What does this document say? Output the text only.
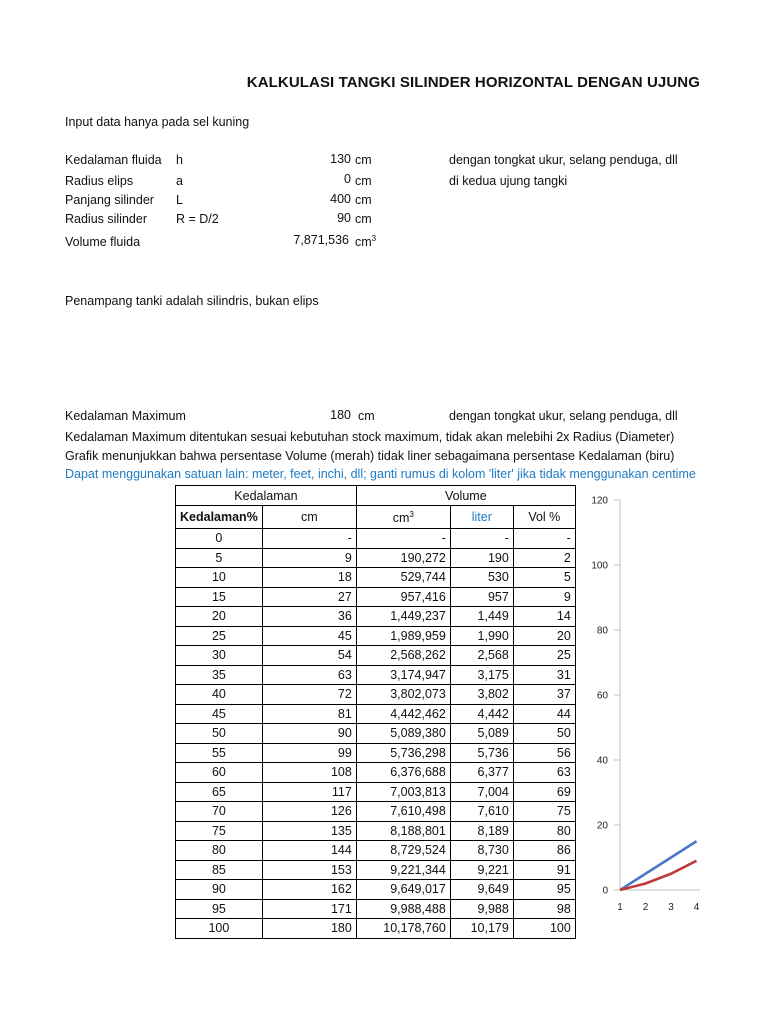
KALKULASI TANGKI SILINDER HORIZONTAL DENGAN UJUNG
Input data hanya pada sel kuning
Kedalaman fluida h	130 cm	dengan tongkat ukur, selang penduga, dll
Radius elips	a	0 cm	di kedua ujung tangki
Panjang silinder L	400 cm
Radius silinder R = D/2	90 cm
Volume fluida	7,871,536 $cm^3$
Penampang tanki adalah silindris, bukan elips
Kedalaman Maximum	180 cm	dengan tongkat ukur, selang penduga, dll
Kedalaman Maximum ditentukan sesuai kebutuhan stock maximum, tidak akan melebihi 2x Radius (Diameter)
Grafik menunjukkan bahwa persentase Volume (merah) tidak liner sebagaimana persentase Kedalaman (biru)
Dapat menggunakan satuan lain: meter, feet, inchi, dll; ganti rumus di kolom 'liter' jika tidak menggunakan centime
Kedalaman		Volume		
Kedalaman%	cm	$cm^3$	liter	Vol %
0	-	-	-	-
5	9	190,272	190	2
10	18	529,744	530	5
15	27	957,416	957	9
20	36	1,449,237	1,449	14
25	45	1,989,959	1,990	20
30	54	2,568,262	2,568	25
35	63	3,174,947	3,175	31
40	72	3,802,073	3,802	37
45	81	4,442,462	4,442	44
50	90	5,089,380	5,089	50
55	99	5,736,298	5,736	56
60	108	6,376,688	6,377	63
65	117	7,003,813	7,004	69
70	126	7,610,498	7,610	75
75	135	8,188,801	8,189	80
80	144	8,729,524	8,730	86
85	153	9,221,344	9,221	91
90	162	9,649,017	9,649	95
95	171	9,988,488	9,988	98
100	180	10,178,760	10,179	100
0
20
40
60
80
100
120
1 2 3 4
